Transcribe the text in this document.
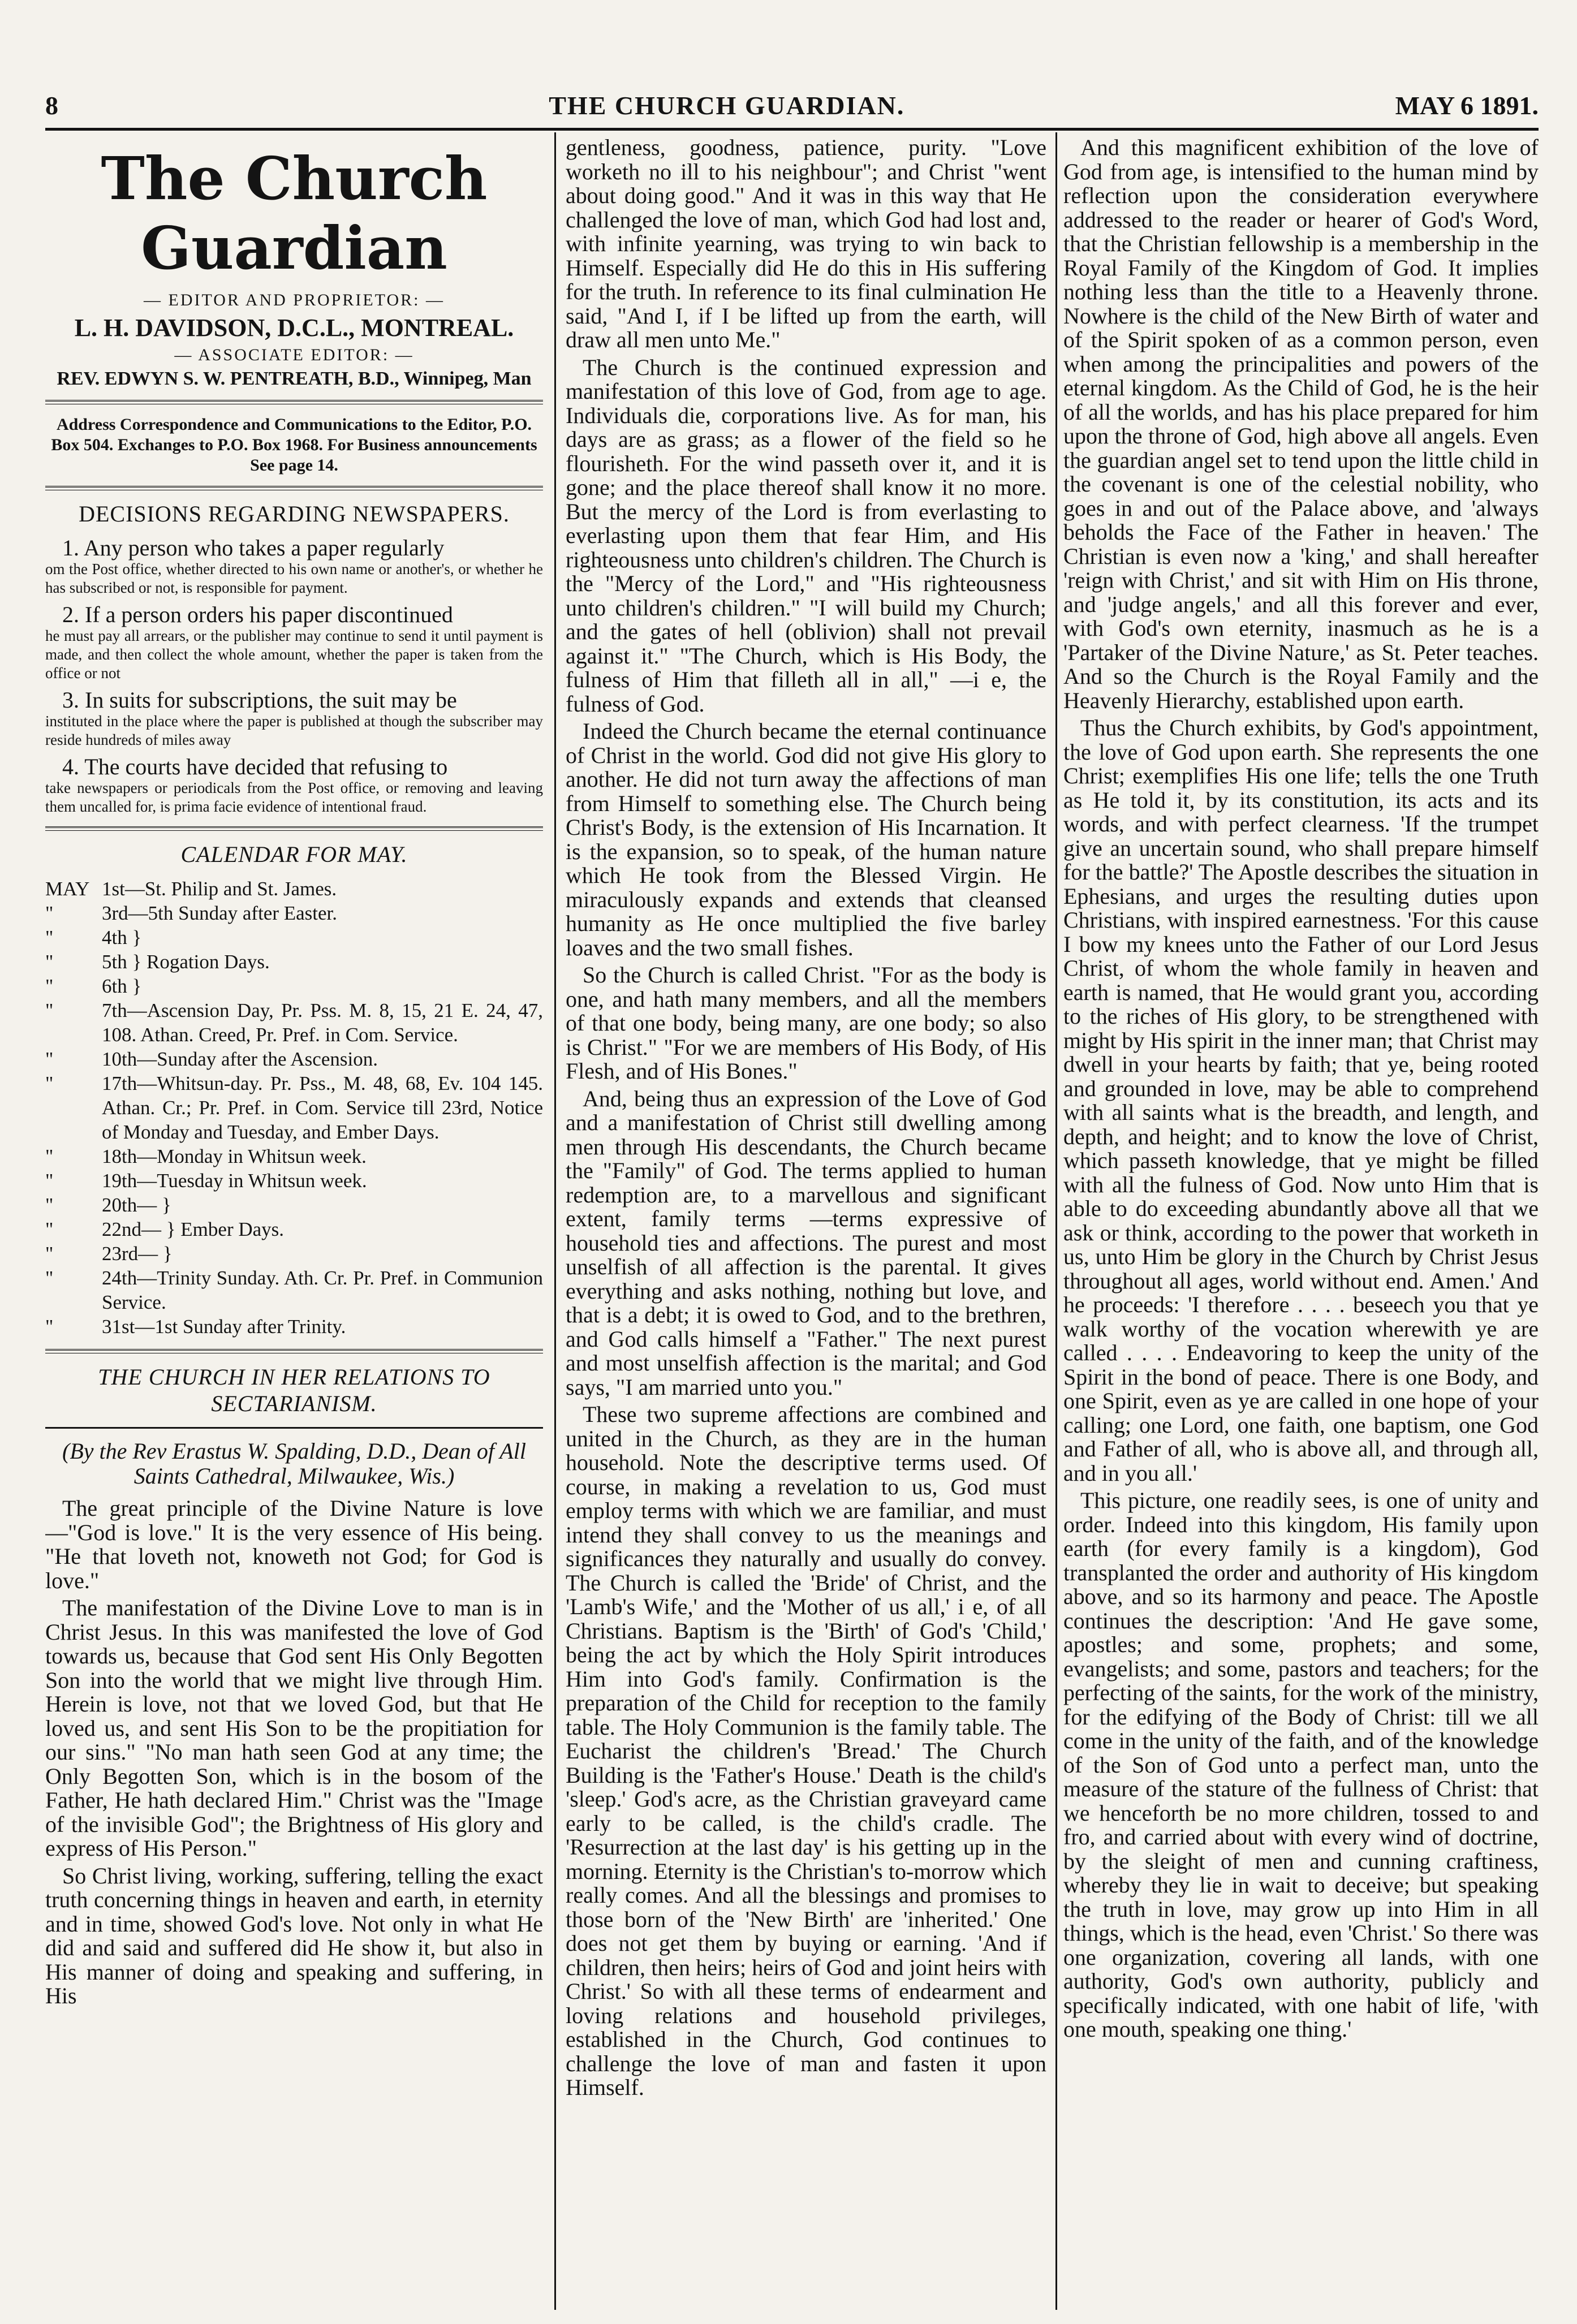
8	THE CHURCH GUARDIAN.	MAY 6 1891.
The Church Guardian
— EDITOR AND PROPRIETOR: —
L. H. DAVIDSON, D.C.L., MONTREAL.
— ASSOCIATE EDITOR: —
REV. EDWYN S. W. PENTREATH, B.D., Winnipeg, Man
Address Correspondence and Communications to the Editor, P.O. Box 504. Exchanges to P.O. Box 1968. For Business announcements See page 14.
DECISIONS REGARDING NEWSPAPERS.
1. Any person who takes a paper regularly
om the Post office, whether directed to his own name or another's, or whether he has subscribed or not, is responsible for payment.
2. If a person orders his paper discontinued
he must pay all arrears, or the publisher may continue to send it until payment is made, and then collect the whole amount, whether the paper is taken from the office or not
3. In suits for subscriptions, the suit may be
instituted in the place where the paper is published at though the subscriber may reside hundreds of miles away
4. The courts have decided that refusing to
take newspapers or periodicals from the Post office, or removing and leaving them uncalled for, is prima facie evidence of intentional fraud.
CALENDAR FOR MAY.
MAY 1st—St. Philip and St. James.
"	3rd—5th Sunday after Easter.
"	4th }
"	5th } Rogation Days.
"	6th }
"	7th—Ascension Day, Pr. Pss. M. 8, 15, 21 E. 24, 47, 108. Athan. Creed, Pr. Pref. in Com. Service.
"	10th—Sunday after the Ascension.
"	17th—Whitsun-day. Pr. Pss., M. 48, 68, Ev. 104 145. Athan. Cr.; Pr. Pref. in Com. Service till 23rd, Notice of Monday and Tuesday, and Ember Days.
"	18th—Monday in Whitsun week.
"	19th—Tuesday in Whitsun week.
"	20th— }
"	22nd— } Ember Days.
"	23rd— }
"	24th—Trinity Sunday. Ath. Cr. Pr. Pref. in Communion Service.
"	31st—1st Sunday after Trinity.
THE CHURCH IN HER RELATIONS TO SECTARIANISM.
(By the Rev Erastus W. Spalding, D.D., Dean of All Saints Cathedral, Milwaukee, Wis.)

The great principle of the Divine Nature is love—"God is love." It is the very essence of His being. "He that loveth not, knoweth not God; for God is love."

The manifestation of the Divine Love to man is in Christ Jesus. In this was manifested the love of God towards us, because that God sent His Only Begotten Son into the world that we might live through Him. Herein is love, not that we loved God, but that He loved us, and sent His Son to be the propitiation for our sins." "No man hath seen God at any time; the Only Begotten Son, which is in the bosom of the Father, He hath declared Him." Christ was the "Image of the invisible God"; the Brightness of His glory and express of His Person."

So Christ living, working, suffering, telling the exact truth concerning things in heaven and earth, in eternity and in time, showed God's love. Not only in what He did and said and suffered did He show it, but also in His manner of doing and speaking and suffering, in His

gentleness, goodness, patience, purity. "Love worketh no ill to his neighbour"; and Christ "went about doing good." And it was in this way that He challenged the love of man, which God had lost and, with infinite yearning, was trying to win back to Himself. Especially did He do this in His suffering for the truth. In reference to its final culmination He said, "And I, if I be lifted up from the earth, will draw all men unto Me."

The Church is the continued expression and manifestation of this love of God, from age to age. Individuals die, corporations live. As for man, his days are as grass; as a flower of the field so he flourisheth. For the wind passeth over it, and it is gone; and the place thereof shall know it no more. But the mercy of the Lord is from everlasting to everlasting upon them that fear Him, and His righteousness unto children's children. The Church is the "Mercy of the Lord," and "His righteousness unto children's children." "I will build my Church; and the gates of hell (oblivion) shall not prevail against it." "The Church, which is His Body, the fulness of Him that filleth all in all," —i e, the fulness of God.

Indeed the Church became the eternal continuance of Christ in the world. God did not give His glory to another. He did not turn away the affections of man from Himself to something else. The Church being Christ's Body, is the extension of His Incarnation. It is the expansion, so to speak, of the human nature which He took from the Blessed Virgin. He miraculously expands and extends that cleansed humanity as He once multiplied the five barley loaves and the two small fishes.

So the Church is called Christ. "For as the body is one, and hath many members, and all the members of that one body, being many, are one body; so also is Christ." "For we are members of His Body, of His Flesh, and of His Bones."

And, being thus an expression of the Love of God and a manifestation of Christ still dwelling among men through His descendants, the Church became the "Family" of God. The terms applied to human redemption are, to a marvellous and significant extent, family terms —terms expressive of household ties and affections. The purest and most unselfish of all affection is the parental. It gives everything and asks nothing, nothing but love, and that is a debt; it is owed to God, and to the brethren, and God calls himself a "Father." The next purest and most unselfish affection is the marital; and God says, "I am married unto you."

These two supreme affections are combined and united in the Church, as they are in the human household. Note the descriptive terms used. Of course, in making a revelation to us, God must employ terms with which we are familiar, and must intend they shall convey to us the meanings and significances they naturally and usually do convey. The Church is called the 'Bride' of Christ, and the 'Lamb's Wife,' and the 'Mother of us all,' i e, of all Christians. Baptism is the 'Birth' of God's 'Child,' being the act by which the Holy Spirit introduces Him into God's family. Confirmation is the preparation of the Child for reception to the family table. The Holy Communion is the family table. The Eucharist the children's 'Bread.' The Church Building is the 'Father's House.' Death is the child's 'sleep.' God's acre, as the Christian graveyard came early to be called, is the child's cradle. The 'Resurrection at the last day' is his getting up in the morning. Eternity is the Christian's to-morrow which really comes. And all the blessings and promises to those born of the 'New Birth' are 'inherited.' One does not get them by buying or earning. 'And if children, then heirs; heirs of God and joint heirs with Christ.' So with all these terms of endearment and loving relations and household privileges, established in the Church, God continues to challenge the love of man and fasten it upon Himself.

And this magnificent exhibition of the love of God from age, is intensified to the human mind by reflection upon the consideration everywhere addressed to the reader or hearer of God's Word, that the Christian fellowship is a membership in the Royal Family of the Kingdom of God. It implies nothing less than the title to a Heavenly throne. Nowhere is the child of the New Birth of water and of the Spirit spoken of as a common person, even when among the principalities and powers of the eternal kingdom. As the Child of God, he is the heir of all the worlds, and has his place prepared for him upon the throne of God, high above all angels. Even the guardian angel set to tend upon the little child in the covenant is one of the celestial nobility, who goes in and out of the Palace above, and 'always beholds the Face of the Father in heaven.' The Christian is even now a 'king,' and shall hereafter 'reign with Christ,' and sit with Him on His throne, and 'judge angels,' and all this forever and ever, with God's own eternity, inasmuch as he is a 'Partaker of the Divine Nature,' as St. Peter teaches. And so the Church is the Royal Family and the Heavenly Hierarchy, established upon earth.

Thus the Church exhibits, by God's appointment, the love of God upon earth. She represents the one Christ; exemplifies His one life; tells the one Truth as He told it, by its constitution, its acts and its words, and with perfect clearness. 'If the trumpet give an uncertain sound, who shall prepare himself for the battle?' The Apostle describes the situation in Ephesians, and urges the resulting duties upon Christians, with inspired earnestness. 'For this cause I bow my knees unto the Father of our Lord Jesus Christ, of whom the whole family in heaven and earth is named, that He would grant you, according to the riches of His glory, to be strengthened with might by His spirit in the inner man; that Christ may dwell in your hearts by faith; that ye, being rooted and grounded in love, may be able to comprehend with all saints what is the breadth, and length, and depth, and height; and to know the love of Christ, which passeth knowledge, that ye might be filled with all the fulness of God. Now unto Him that is able to do exceeding abundantly above all that we ask or think, according to the power that worketh in us, unto Him be glory in the Church by Christ Jesus throughout all ages, world without end. Amen.' And he proceeds: 'I therefore . . . . beseech you that ye walk worthy of the vocation wherewith ye are called . . . . Endeavoring to keep the unity of the Spirit in the bond of peace. There is one Body, and one Spirit, even as ye are called in one hope of your calling; one Lord, one faith, one baptism, one God and Father of all, who is above all, and through all, and in you all.'

This picture, one readily sees, is one of unity and order. Indeed into this kingdom, His family upon earth (for every family is a kingdom), God transplanted the order and authority of His kingdom above, and so its harmony and peace. The Apostle continues the description: 'And He gave some, apostles; and some, prophets; and some, evangelists; and some, pastors and teachers; for the perfecting of the saints, for the work of the ministry, for the edifying of the Body of Christ: till we all come in the unity of the faith, and of the knowledge of the Son of God unto a perfect man, unto the measure of the stature of the fullness of Christ: that we henceforth be no more children, tossed to and fro, and carried about with every wind of doctrine, by the sleight of men and cunning craftiness, whereby they lie in wait to deceive; but speaking the truth in love, may grow up into Him in all things, which is the head, even 'Christ.' So there was one organization, covering all lands, with one authority, God's own authority, publicly and specifically indicated, with one habit of life, 'with one mouth, speaking one thing.'
